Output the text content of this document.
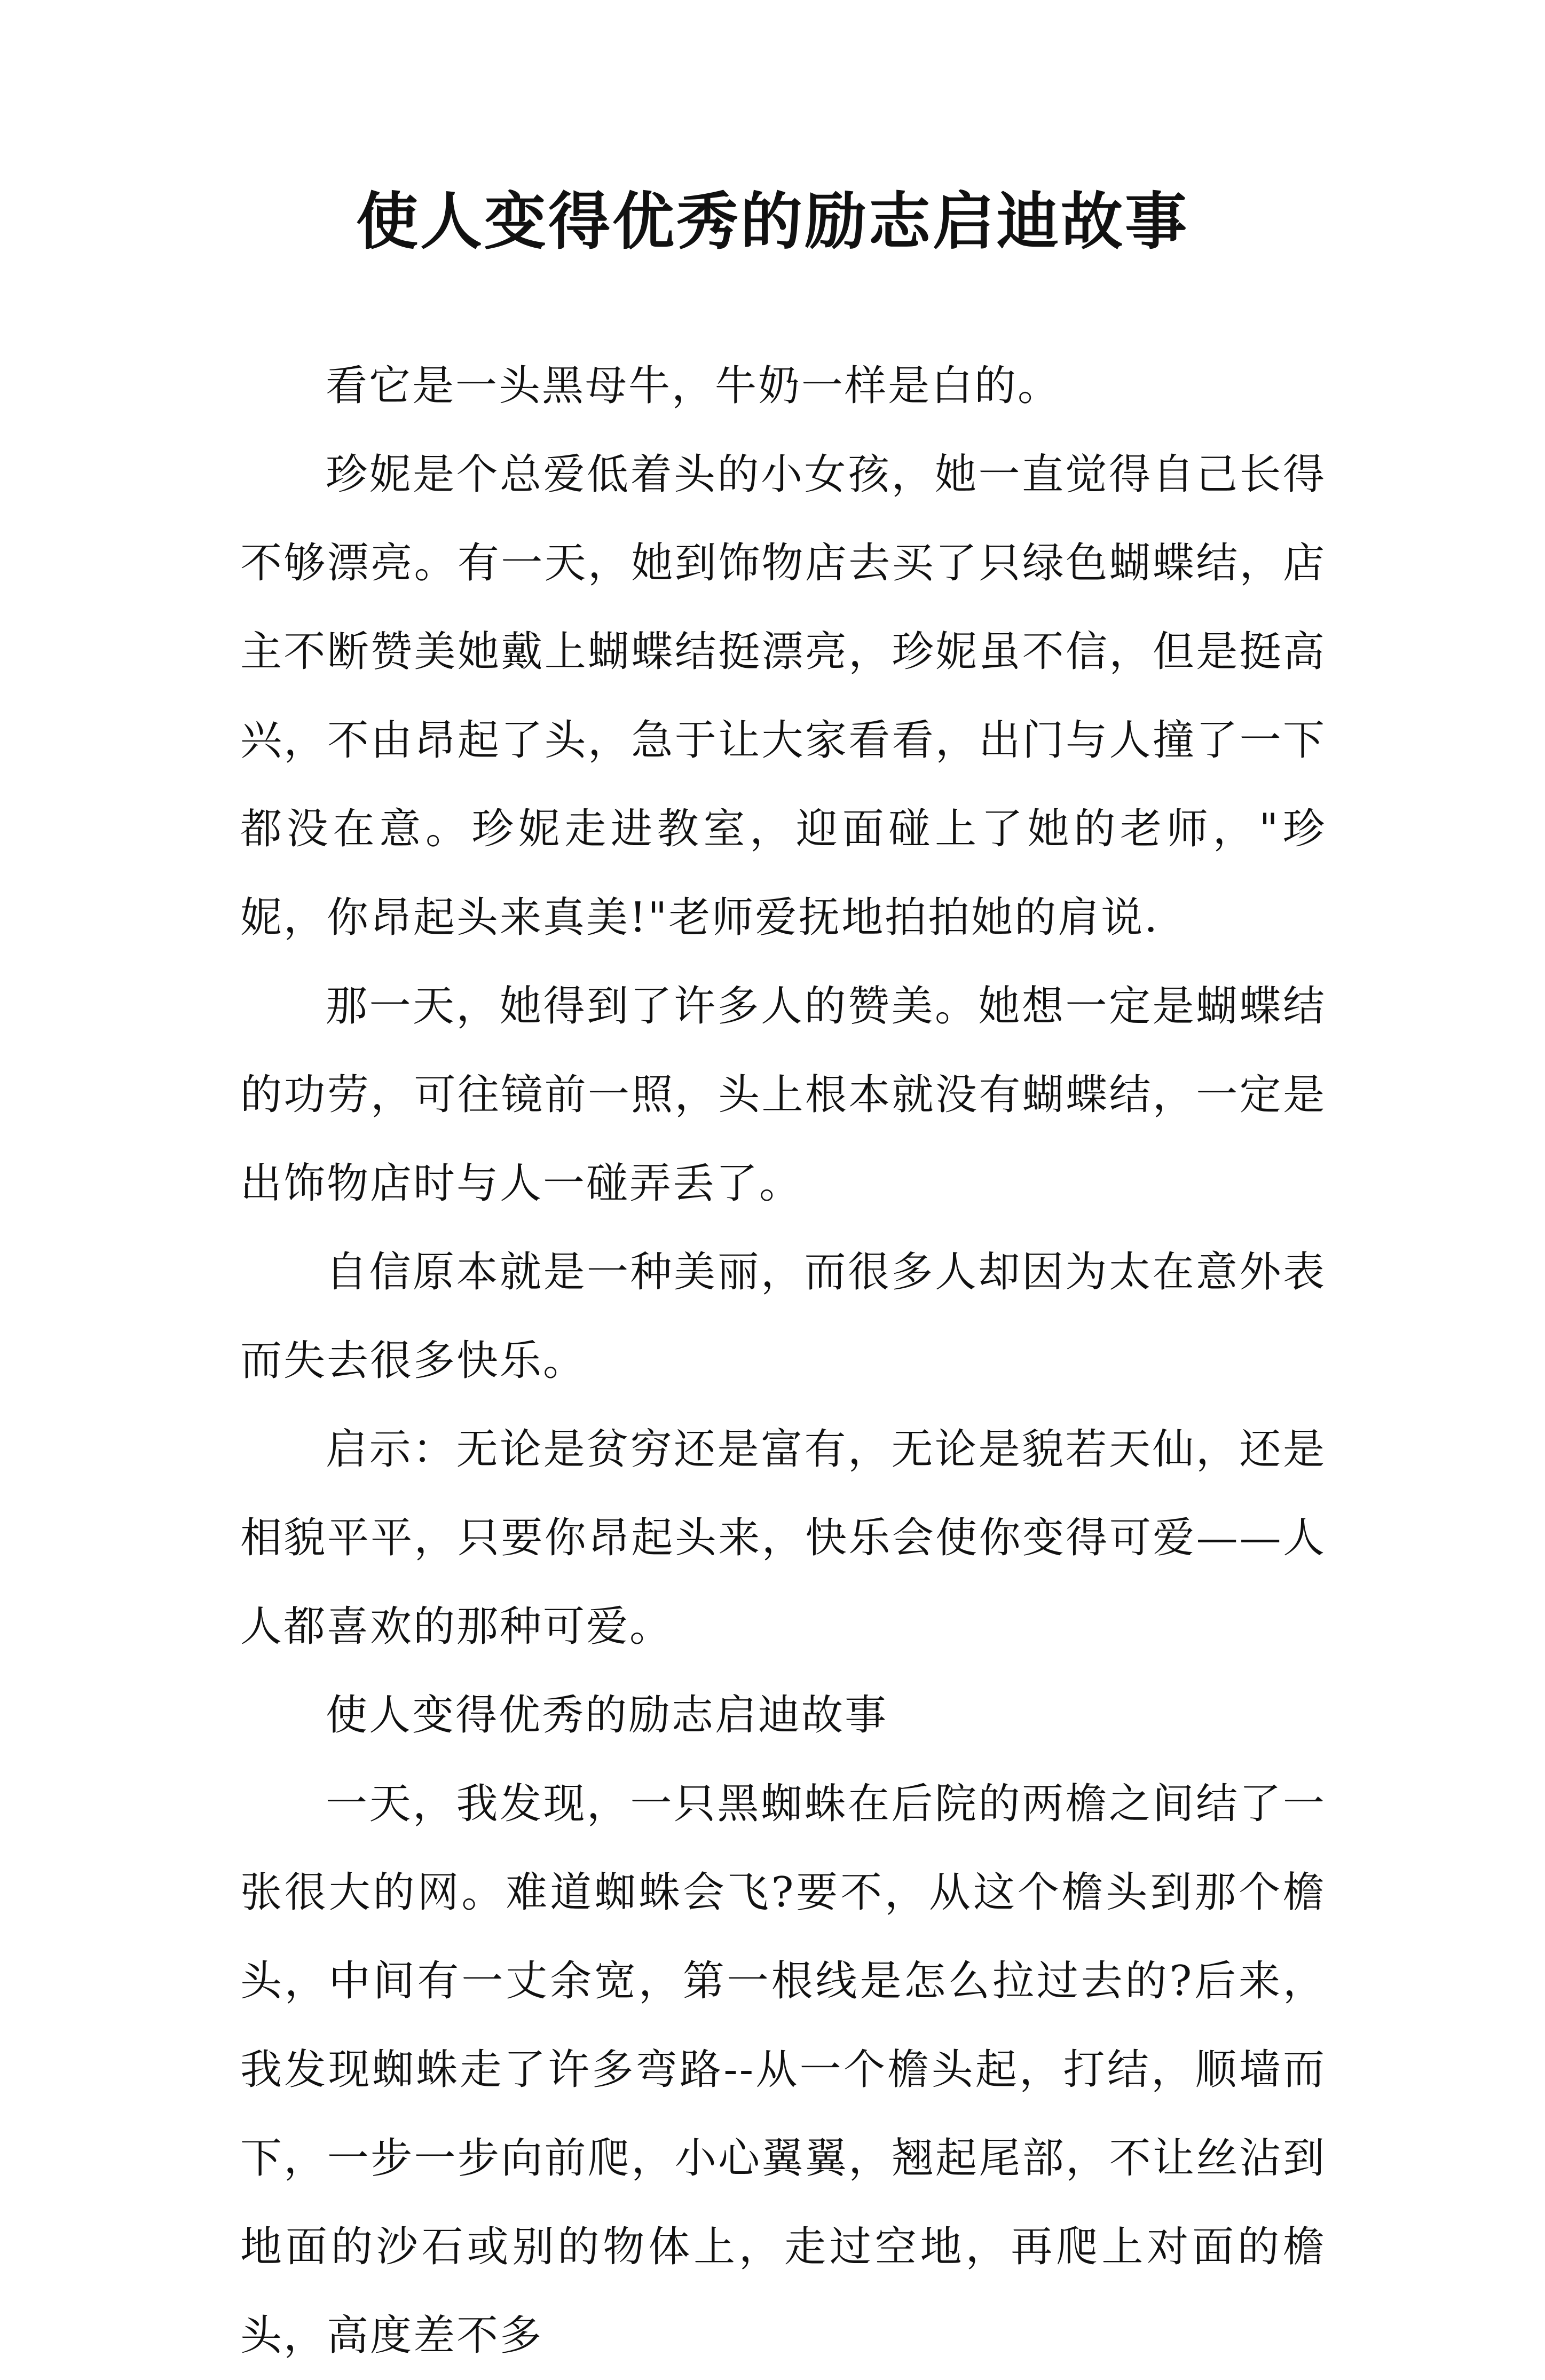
使人变得优秀的励志启迪故事

看它是一头黑母牛，牛奶一样是白的。

珍妮是个总爱低着头的小女孩，她一直觉得自己长得不够漂亮。有一天，她到饰物店去买了只绿色蝴蝶结，店主不断赞美她戴上蝴蝶结挺漂亮，珍妮虽不信，但是挺高兴，不由昂起了头，急于让大家看看，出门与人撞了一下都没在意。珍妮走进教室，迎面碰上了她的老师，"珍妮，你昂起头来真美!"老师爱抚地拍拍她的肩说.

那一天，她得到了许多人的赞美。她想一定是蝴蝶结的功劳，可往镜前一照，头上根本就没有蝴蝶结，一定是出饰物店时与人一碰弄丢了。

自信原本就是一种美丽，而很多人却因为太在意外表而失去很多快乐。

启示：无论是贫穷还是富有，无论是貌若天仙，还是相貌平平，只要你昂起头来，快乐会使你变得可爱——人人都喜欢的那种可爱。

使人变得优秀的励志启迪故事

一天，我发现，一只黑蜘蛛在后院的两檐之间结了一张很大的网。难道蜘蛛会飞?要不，从这个檐头到那个檐头，中间有一丈余宽，第一根线是怎么拉过去的?后来，我发现蜘蛛走了许多弯路--从一个檐头起，打结，顺墙而下，一步一步向前爬，小心翼翼，翘起尾部，不让丝沾到地面的沙石或别的物体上，走过空地，再爬上对面的檐头，高度差不多
